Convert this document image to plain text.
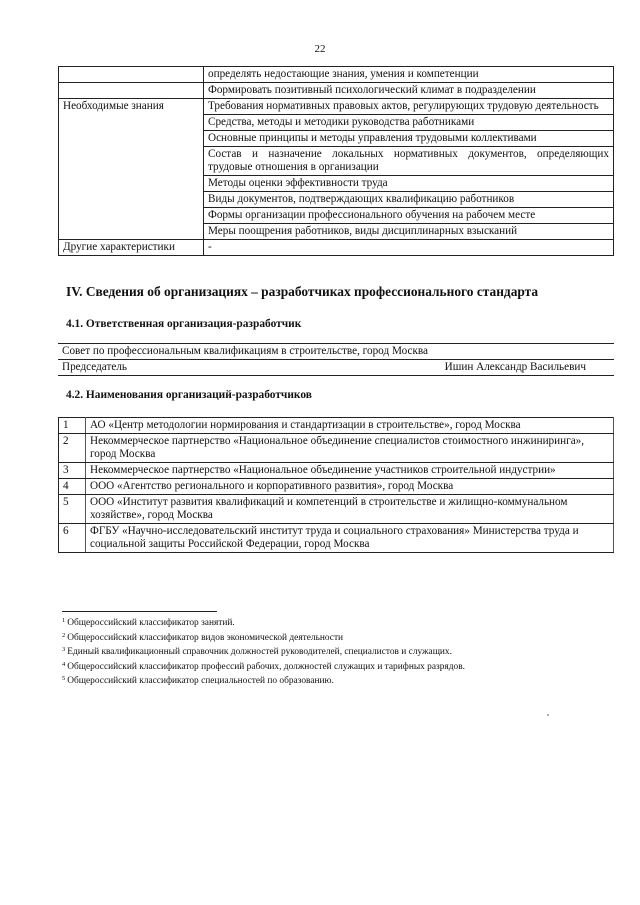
22
	определять недостающие знания, умения и компетенции
	Формировать позитивный психологический климат в подразделении
Необходимые знания	Требования нормативных правовых актов, регулирующих трудовую деятельность
	Средства, методы и методики руководства работниками
	Основные принципы и методы управления трудовыми коллективами
	Состав и назначение локальных нормативных документов, определяющих трудовые отношения в организации
	Методы оценки эффективности труда
	Виды документов, подтверждающих квалификацию работников
	Формы организации профессионального обучения на рабочем месте
	Меры поощрения работников, виды дисциплинарных взысканий
Другие характеристики	-
IV. Сведения об организациях – разработчиках профессионального стандарта
4.1. Ответственная организация-разработчик
Совет по профессиональным квалификациям в строительстве, город Москва
Председатель	Ишин Александр Васильевич
4.2. Наименования организаций-разработчиков
1	АО «Центр методологии нормирования и стандартизации в строительстве», город Москва
2	Некоммерческое партнерство «Национальное объединение специалистов стоимостного инжиниринга», город Москва
3	Некоммерческое партнерство «Национальное объединение участников строительной индустрии»
4	ООО «Агентство регионального и корпоративного развития», город Москва
5	ООО «Институт развития квалификаций и компетенций в строительстве и жилищно-коммунальном хозяйстве», город Москва
6	ФГБУ «Научно-исследовательский институт труда и социального страхования» Министерства труда и социальной защиты Российской Федерации, город Москва
$^1$ Общероссийский классификатор занятий.
$^2$ Общероссийский классификатор видов экономической деятельности
$^3$ Единый квалификационный справочник должностей руководителей, специалистов и служащих.
$^4$ Общероссийский классификатор профессий рабочих, должностей служащих и тарифных разрядов.
$^5$ Общероссийский классификатор специальностей по образованию.
